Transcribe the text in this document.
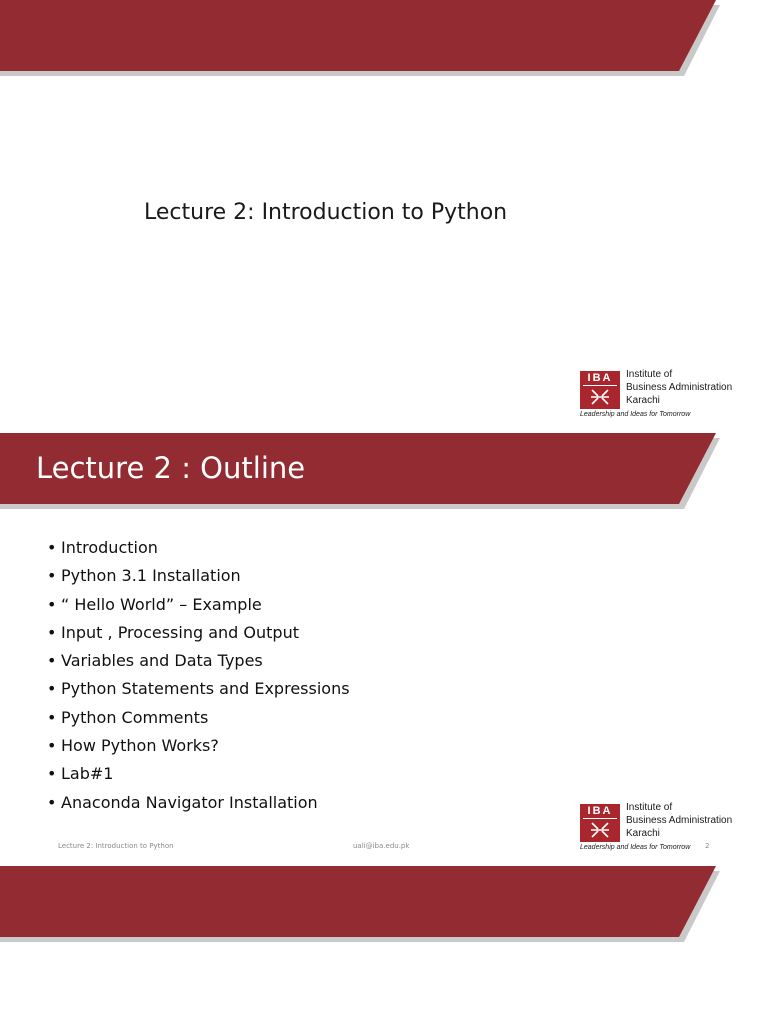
Lecture 2: Introduction to Python
IBA	Institute of
Business Administration
Karachi
Leadership and Ideas for Tomorrow
Lecture 2 : Outline
• Introduction
• Python 3.1 Installation
• “ Hello World” – Example
• Input , Processing and Output
• Variables and Data Types
• Python Statements and Expressions
• Python Comments
• How Python Works?
• Lab#1
• Anaconda Navigator Installation	IBA	Institute of
Business Administration
Karachi
Leadership and Ideas for Tomorrow
Lecture 2: Introduction to Python	uali@iba.edu.pk	2
